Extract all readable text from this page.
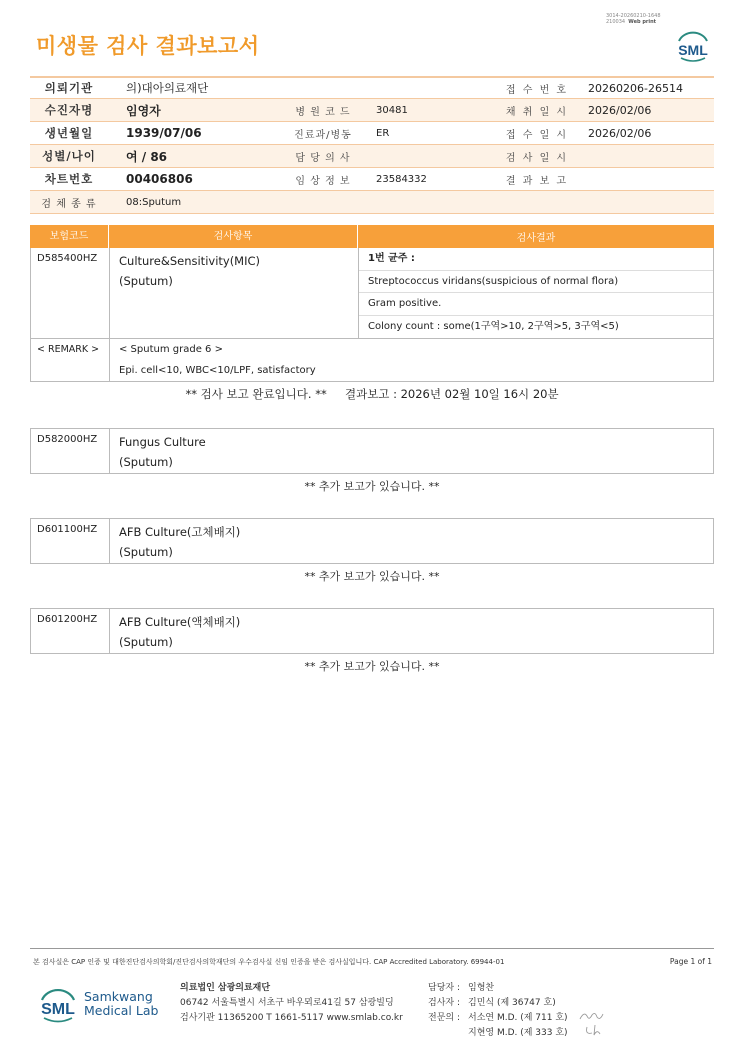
3014-20260210-1648
210034 Web print
미생물 검사 결과보고서	SML
의뢰기관	의)대아의료재단	접 수 번 호	20260206-26514
수진자명	임영자	병 원 코 드	30481	채 취 일 시	2026/02/06
생년월일	1939/07/06	진료과/병동	ER	접 수 일 시	2026/02/06
성별/나이	여 / 86	담 당 의 사	검 사 일 시
차트번호	00406806	임 상 정 보	23584332	결 과 보 고
검 체 종 류	08:Sputum
보험코드	검사항목	검사결과
D585400HZ	Culture&Sensitivity(MIC)
(Sputum)
1번 균주 :
Streptococcus viridans(suspicious of normal flora)
Gram positive.
Colony count : some(1구역>10, 2구역>5, 3구역<5)
< REMARK >	< Sputum grade 6 >
Epi. cell<10, WBC<10/LPF, satisfactory
** 검사 보고 완료입니다. **     결과보고 : 2026년 02월 10일 16시 20분
D582000HZ	Fungus Culture
(Sputum)
** 추가 보고가 있습니다. **
D601100HZ	AFB Culture(고체배지)
(Sputum)
** 추가 보고가 있습니다. **
D601200HZ	AFB Culture(액체배지)
(Sputum)
** 추가 보고가 있습니다. **
본 검사실은 CAP 인증 및 대한진단검사의학회/진단검사의학재단의 우수검사실 신임 인증을 받은 검사실입니다. CAP Accredited Laboratory. 69944-01	Page 1 of 1
SML
Samkwang
Medical Lab
의료법인 삼광의료재단
06742 서울특별시 서초구 바우뫼로41길 57 삼광빌딩
검사기관 11365200 T 1661-5117 www.smlab.co.kr
담당자 : 임형찬
검사자 : 김민식 (제 36747 호)
전문의 : 서소연 M.D. (제 711 호)
지현영 M.D. (제 333 호)
